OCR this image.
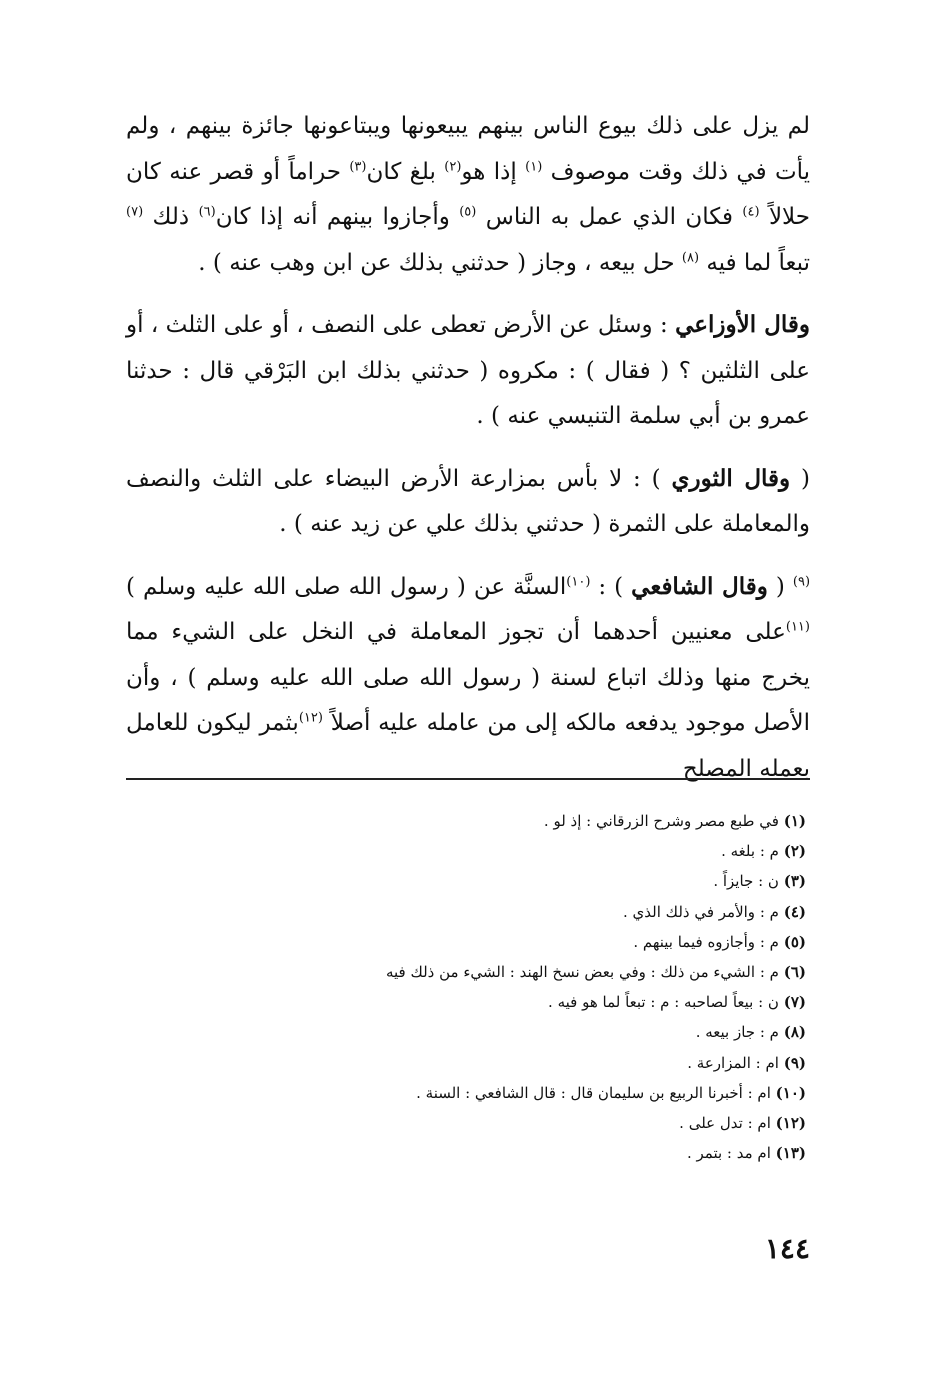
لم يزل على ذلك بيوع الناس بينهم يبيعونها ويبتاعونها جائزة بينهم ، ولم يأت في ذلك وقت موصوف $^{(١)}$ إذا هو$^{(٢)}$ بلغ كان$^{(٣)}$ حراماً أو قصر عنه كان حلالاً $^{(٤)}$ فكان الذي عمل به الناس $^{(٥)}$ وأجازوا بينهم أنه إذا كان$^{(٦)}$ ذلك $^{(٧)}$ تبعاً لما فيه $^{(٨)}$ حل بيعه ، وجاز ( حدثني بذلك عن ابن وهب عنه ) .

وقال الأوزاعي : وسئل عن الأرض تعطى على النصف ، أو على الثلث ، أو على الثلثين ؟ ( فقال ) : مكروه ( حدثني بذلك ابن البَرْقي قال : حدثنا عمرو بن أبي سلمة التنيسي عنه ) .

( وقال الثوري ) : لا بأس بمزارعة الأرض البيضاء على الثلث والنصف والمعاملة على الثمرة ( حدثني بذلك علي عن زيد عنه ) .

$^{(٩)}$ ( وقال الشافعي ) : $^{(١٠)}$السنَّة عن ( رسول الله صلى الله عليه وسلم )$^{(١١)}$على معنيين أحدهما أن تجوز المعاملة في النخل على الشيء مما يخرج منها وذلك اتباع لسنة ( رسول الله صلى الله عليه وسلم ) ، وأن الأصل موجود يدفعه مالكه إلى من عامله عليه أصلاً $^{(١٢)}$بثمر ليكون للعامل بعمله المصلح

(١) في طبع مصر وشرح الزرقاني : إذ لو .

(٢) م : بلغه .

(٣) ن : جايزاً .

(٤) م : والأمر في ذلك الذي .

(٥) م : وأجازوه فيما بينهم .

(٦) م : الشيء من ذلك : وفي بعض نسخ الهند : الشيء من ذلك فيه

(٧) ن : بيعاً لصاحبه : م : تبعاً لما هو فيه .

(٨) م : جاز بيعه .

(٩) ام : المزارعة .

(١٠) ام : أخبرنا الربيع بن سليمان قال : قال الشافعي : السنة .

(١٢) ام : تدل على .

(١٣) ام مد : بتمر .

١٤٤
